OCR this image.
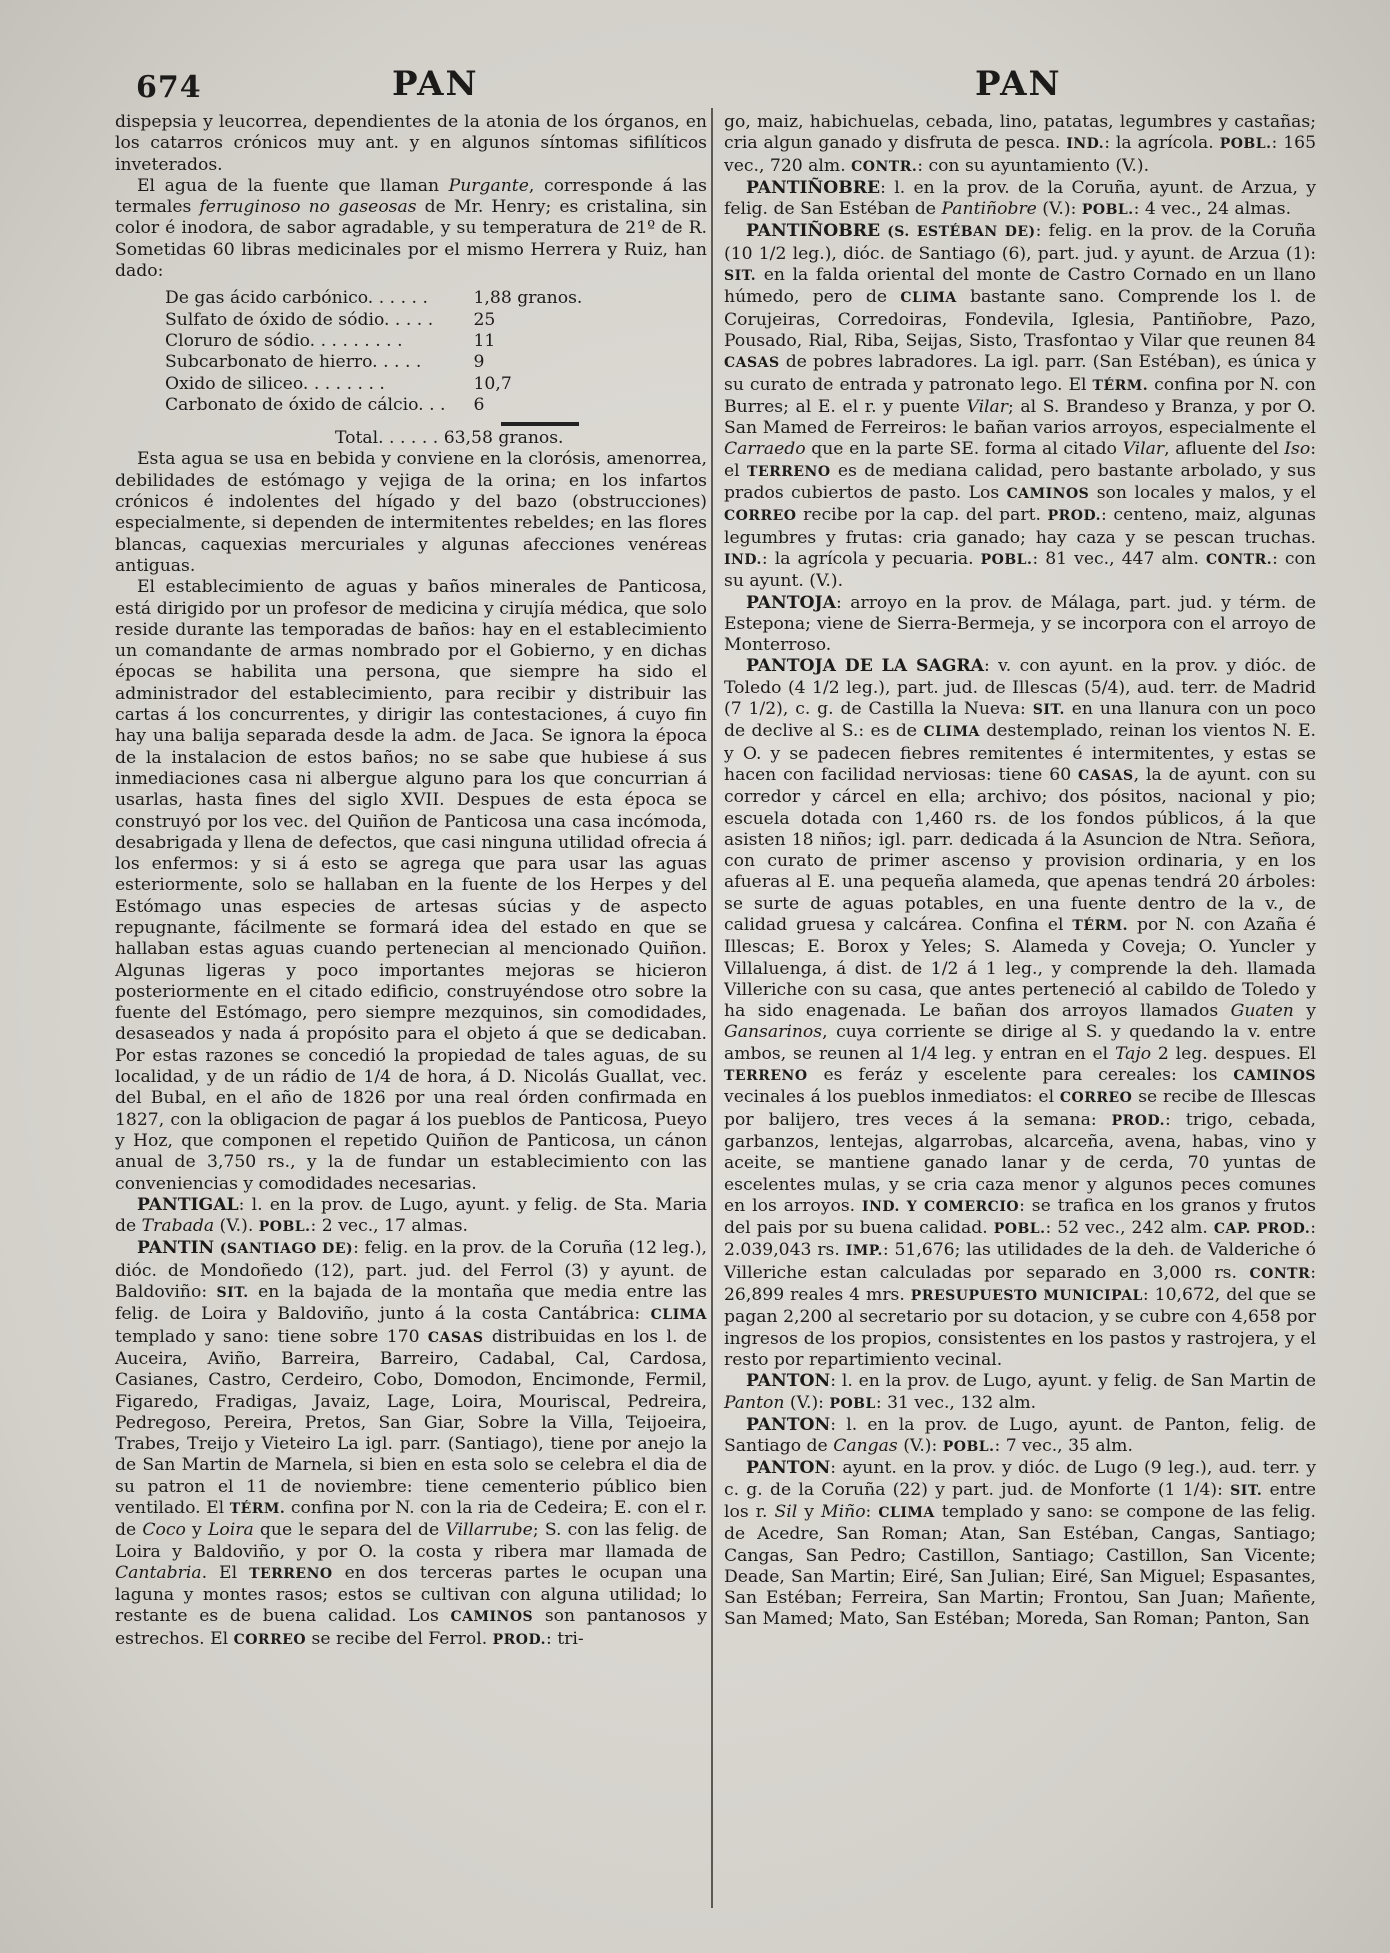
674	PAN	PAN

dispepsia y leucorrea, dependientes de la atonia de los órganos, en los catarros crónicos muy ant. y en algunos síntomas sifilíticos inveterados.

El agua de la fuente que llaman Purgante, corresponde á las termales ferruginoso no gaseosas de Mr. Henry; es cristalina, sin color é inodora, de sabor agradable, y su temperatura de 21º de R. Sometidas 60 libras medicinales por el mismo Herrera y Ruiz, han dado:

De gas ácido carbónico. . . . . .	1,88 granos.
Sulfato de óxido de sódio. . . . .	25
Cloruro de sódio. . . . . . . . .	11
Subcarbonato de hierro. . . . .	9
Oxido de siliceo. . . . . . . .	10,7
Carbonato de óxido de cálcio. . .	6
Total. . . . . . 63,58 granos.

Esta agua se usa en bebida y conviene en la clorósis, amenorrea, debilidades de estómago y vejiga de la orina; en los infartos crónicos é indolentes del hígado y del bazo (obstrucciones) especialmente, si dependen de intermitentes rebeldes; en las flores blancas, caquexias mercuriales y algunas afecciones venéreas antiguas.

El establecimiento de aguas y baños minerales de Panticosa, está dirigido por un profesor de medicina y cirujía médica, que solo reside durante las temporadas de baños: hay en el establecimiento un comandante de armas nombrado por el Gobierno, y en dichas épocas se habilita una persona, que siempre ha sido el administrador del establecimiento, para recibir y distribuir las cartas á los concurrentes, y dirigir las contestaciones, á cuyo fin hay una balija separada desde la adm. de Jaca. Se ignora la época de la instalacion de estos baños; no se sabe que hubiese á sus inmediaciones casa ni albergue alguno para los que concurrian á usarlas, hasta fines del siglo XVII. Despues de esta época se construyó por los vec. del Quiñon de Panticosa una casa incómoda, desabrigada y llena de defectos, que casi ninguna utilidad ofrecia á los enfermos: y si á esto se agrega que para usar las aguas esteriormente, solo se hallaban en la fuente de los Herpes y del Estómago unas especies de artesas súcias y de aspecto repugnante, fácilmente se formará idea del estado en que se hallaban estas aguas cuando pertenecian al mencionado Quiñon. Algunas ligeras y poco importantes mejoras se hicieron posteriormente en el citado edificio, construyéndose otro sobre la fuente del Estómago, pero siempre mezquinos, sin comodidades, desaseados y nada á propósito para el objeto á que se dedicaban. Por estas razones se concedió la propiedad de tales aguas, de su localidad, y de un rádio de 1/4 de hora, á D. Nicolás Guallat, vec. del Bubal, en el año de 1826 por una real órden confirmada en 1827, con la obligacion de pagar á los pueblos de Panticosa, Pueyo y Hoz, que componen el repetido Quiñon de Panticosa, un cánon anual de 3,750 rs., y la de fundar un establecimiento con las conveniencias y comodidades necesarias.

PANTIGAL: l. en la prov. de Lugo, ayunt. y felig. de Sta. Maria de Trabada (V.). POBL.: 2 vec., 17 almas.

PANTIN (SANTIAGO DE): felig. en la prov. de la Coruña (12 leg.), dióc. de Mondoñedo (12), part. jud. del Ferrol (3) y ayunt. de Baldoviño: SIT. en la bajada de la montaña que media entre las felig. de Loira y Baldoviño, junto á la costa Cantábrica: CLIMA templado y sano: tiene sobre 170 CASAS distribuidas en los l. de Auceira, Aviño, Barreira, Barreiro, Cadabal, Cal, Cardosa, Casianes, Castro, Cerdeiro, Cobo, Domodon, Encimonde, Fermil, Figaredo, Fradigas, Javaiz, Lage, Loira, Mouriscal, Pedreira, Pedregoso, Pereira, Pretos, San Giar, Sobre la Villa, Teijoeira, Trabes, Treijo y Vieteiro La igl. parr. (Santiago), tiene por anejo la de San Martin de Marnela, si bien en esta solo se celebra el dia de su patron el 11 de noviembre: tiene cementerio público bien ventilado. El TÉRM. confina por N. con la ria de Cedeira; E. con el r. de Coco y Loira que le separa del de Villarrube; S. con las felig. de Loira y Baldoviño, y por O. la costa y ribera mar llamada de Cantabria. El TERRENO en dos terceras partes le ocupan una laguna y montes rasos; estos se cultivan con alguna utilidad; lo restante es de buena calidad. Los CAMINOS son pantanosos y estrechos. El CORREO se recibe del Ferrol. PROD.: tri-

go, maiz, habichuelas, cebada, lino, patatas, legumbres y castañas; cria algun ganado y disfruta de pesca. IND.: la agrícola. POBL.: 165 vec., 720 alm. CONTR.: con su ayuntamiento (V.).

PANTIÑOBRE: l. en la prov. de la Coruña, ayunt. de Arzua, y felig. de San Estéban de Pantiñobre (V.): POBL.: 4 vec., 24 almas.

PANTIÑOBRE (S. ESTÉBAN DE): felig. en la prov. de la Coruña (10 1/2 leg.), dióc. de Santiago (6), part. jud. y ayunt. de Arzua (1): SIT. en la falda oriental del monte de Castro Cornado en un llano húmedo, pero de CLIMA bastante sano. Comprende los l. de Corujeiras, Corredoiras, Fondevila, Iglesia, Pantiñobre, Pazo, Pousado, Rial, Riba, Seijas, Sisto, Trasfontao y Vilar que reunen 84 CASAS de pobres labradores. La igl. parr. (San Estéban), es única y su curato de entrada y patronato lego. El TÉRM. confina por N. con Burres; al E. el r. y puente Vilar; al S. Brandeso y Branza, y por O. San Mamed de Ferreiros: le bañan varios arroyos, especialmente el Carraedo que en la parte SE. forma al citado Vilar, afluente del Iso: el TERRENO es de mediana calidad, pero bastante arbolado, y sus prados cubiertos de pasto. Los CAMINOS son locales y malos, y el CORREO recibe por la cap. del part. PROD.: centeno, maiz, algunas legumbres y frutas: cria ganado; hay caza y se pescan truchas. IND.: la agrícola y pecuaria. POBL.: 81 vec., 447 alm. CONTR.: con su ayunt. (V.).

PANTOJA: arroyo en la prov. de Málaga, part. jud. y térm. de Estepona; viene de Sierra-Bermeja, y se incorpora con el arroyo de Monterroso.

PANTOJA DE LA SAGRA: v. con ayunt. en la prov. y dióc. de Toledo (4 1/2 leg.), part. jud. de Illescas (5/4), aud. terr. de Madrid (7 1/2), c. g. de Castilla la Nueva: SIT. en una llanura con un poco de declive al S.: es de CLIMA destemplado, reinan los vientos N. E. y O. y se padecen fiebres remitentes é intermitentes, y estas se hacen con facilidad nerviosas: tiene 60 CASAS, la de ayunt. con su corredor y cárcel en ella; archivo; dos pósitos, nacional y pio; escuela dotada con 1,460 rs. de los fondos públicos, á la que asisten 18 niños; igl. parr. dedicada á la Asuncion de Ntra. Señora, con curato de primer ascenso y provision ordinaria, y en los afueras al E. una pequeña alameda, que apenas tendrá 20 árboles: se surte de aguas potables, en una fuente dentro de la v., de calidad gruesa y calcárea. Confina el TÉRM. por N. con Azaña é Illescas; E. Borox y Yeles; S. Alameda y Coveja; O. Yuncler y Villaluenga, á dist. de 1/2 á 1 leg., y comprende la deh. llamada Villeriche con su casa, que antes perteneció al cabildo de Toledo y ha sido enagenada. Le bañan dos arroyos llamados Guaten y Gansarinos, cuya corriente se dirige al S. y quedando la v. entre ambos, se reunen al 1/4 leg. y entran en el Tajo 2 leg. despues. El TERRENO es feráz y escelente para cereales: los CAMINOS vecinales á los pueblos inmediatos: el CORREO se recibe de Illescas por balijero, tres veces á la semana: PROD.: trigo, cebada, garbanzos, lentejas, algarrobas, alcarceña, avena, habas, vino y aceite, se mantiene ganado lanar y de cerda, 70 yuntas de escelentes mulas, y se cria caza menor y algunos peces comunes en los arroyos. IND. Y COMERCIO: se trafica en los granos y frutos del pais por su buena calidad. POBL.: 52 vec., 242 alm. CAP. PROD.: 2.039,043 rs. IMP.: 51,676; las utilidades de la deh. de Valderiche ó Villeriche estan calculadas por separado en 3,000 rs. CONTR: 26,899 reales 4 mrs. PRESUPUESTO MUNICIPAL: 10,672, del que se pagan 2,200 al secretario por su dotacion, y se cubre con 4,658 por ingresos de los propios, consistentes en los pastos y rastrojera, y el resto por repartimiento vecinal.

PANTON: l. en la prov. de Lugo, ayunt. y felig. de San Martin de Panton (V.): POBL: 31 vec., 132 alm.

PANTON: l. en la prov. de Lugo, ayunt. de Panton, felig. de Santiago de Cangas (V.): POBL.: 7 vec., 35 alm.

PANTON: ayunt. en la prov. y dióc. de Lugo (9 leg.), aud. terr. y c. g. de la Coruña (22) y part. jud. de Monforte (1 1/4): SIT. entre los r. Sil y Miño: CLIMA templado y sano: se compone de las felig. de Acedre, San Roman; Atan, San Estéban, Cangas, Santiago; Cangas, San Pedro; Castillon, Santiago; Castillon, San Vicente; Deade, San Martin; Eiré, San Julian; Eiré, San Miguel; Espasantes, San Estéban; Ferreira, San Martin; Frontou, San Juan; Mañente, San Mamed; Mato, San Estéban; Moreda, San Roman; Panton, San
